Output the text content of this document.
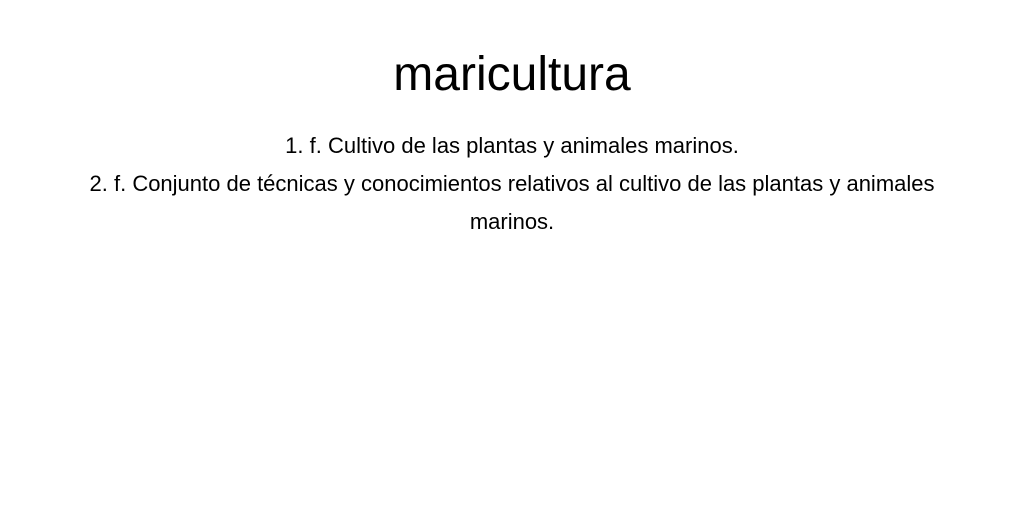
maricultura
1. f. Cultivo de las plantas y animales marinos.
2. f. Conjunto de técnicas y conocimientos relativos al cultivo de las plantas y animales marinos.
